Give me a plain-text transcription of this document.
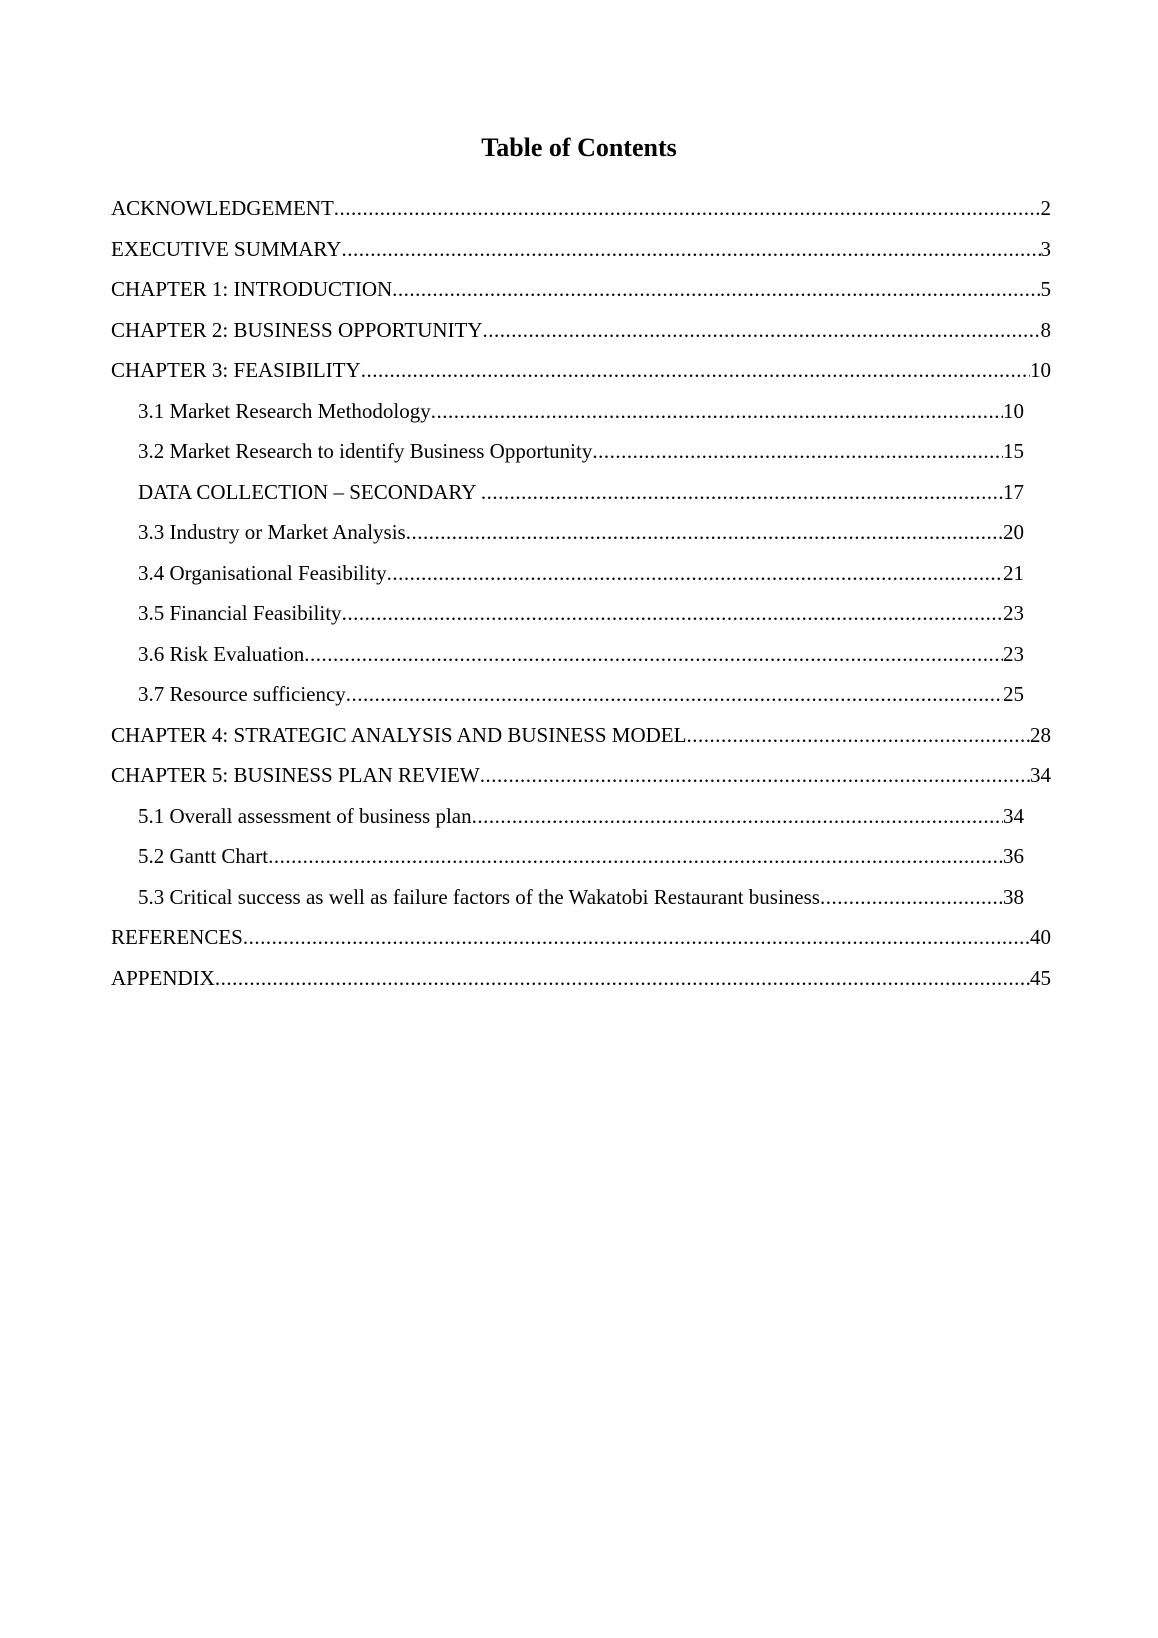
Table of Contents
ACKNOWLEDGEMENT .....	2
EXECUTIVE SUMMARY .....	3
CHAPTER 1: INTRODUCTION .....	5
CHAPTER 2: BUSINESS OPPORTUNITY .....	8
CHAPTER 3: FEASIBILITY .....	10
3.1 Market Research Methodology .....	10
3.2 Market Research to identify Business Opportunity .....	15
DATA COLLECTION – SECONDARY .....	17
3.3 Industry or Market Analysis .....	20
3.4 Organisational Feasibility .....	21
3.5 Financial Feasibility .....	23
3.6 Risk Evaluation .....	23
3.7 Resource sufficiency .....	25
CHAPTER 4: STRATEGIC ANALYSIS AND BUSINESS MODEL .....	28
CHAPTER 5: BUSINESS PLAN REVIEW .....	34
5.1 Overall assessment of business plan .....	34
5.2 Gantt Chart .....	36
5.3 Critical success as well as failure factors of the Wakatobi Restaurant business .....	38
REFERENCES .....	40
APPENDIX .....	45
